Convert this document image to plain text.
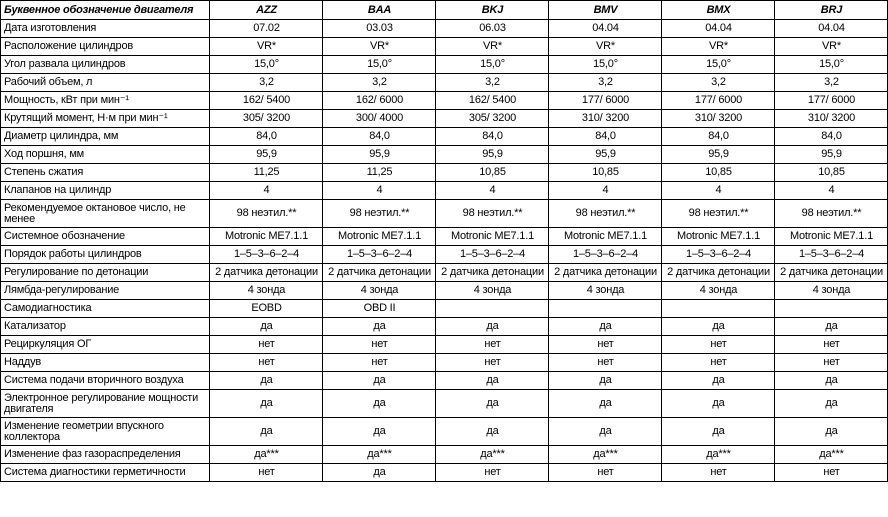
Буквенное обозначение двигателя	AZZ	BAA	BKJ	BMV	BMX	BRJ
Дата изготовления	07.02	03.03	06.03	04.04	04.04	04.04
Расположение цилиндров	VR*	VR*	VR*	VR*	VR*	VR*
Угол развала цилиндров	15,0°	15,0°	15,0°	15,0°	15,0°	15,0°
Рабочий объем, л	3,2	3,2	3,2	3,2	3,2	3,2
Мощность, кВт при мин⁻¹	162/ 5400	162/ 6000	162/ 5400	177/ 6000	177/ 6000	177/ 6000
Крутящий момент, Н·м при мин⁻¹	305/ 3200	300/ 4000	305/ 3200	310/ 3200	310/ 3200	310/ 3200
Диаметр цилиндра, мм	84,0	84,0	84,0	84,0	84,0	84,0
Ход поршня, мм	95,9	95,9	95,9	95,9	95,9	95,9
Степень сжатия	11,25	11,25	10,85	10,85	10,85	10,85
Клапанов на цилиндр	4	4	4	4	4	4
Рекомендуемое октановое число, не менее	98 неэтил.**	98 неэтил.**	98 неэтил.**	98 неэтил.**	98 неэтил.**	98 неэтил.**
Системное обозначение	Motronic ME7.1.1	Motronic ME7.1.1	Motronic ME7.1.1	Motronic ME7.1.1	Motronic ME7.1.1	Motronic ME7.1.1
Порядок работы цилиндров	1–5–3–6–2–4	1–5–3–6–2–4	1–5–3–6–2–4	1–5–3–6–2–4	1–5–3–6–2–4	1–5–3–6–2–4
Регулирование по детонации	2 датчика детонации	2 датчика детонации	2 датчика детонации	2 датчика детонации	2 датчика детонации	2 датчика детонации
Лямбда-регулирование	4 зонда	4 зонда	4 зонда	4 зонда	4 зонда	4 зонда
Самодиагностика	EOBD	OBD II				
Катализатор	да	да	да	да	да	да
Рециркуляция ОГ	нет	нет	нет	нет	нет	нет
Наддув	нет	нет	нет	нет	нет	нет
Система подачи вторичного воздуха	да	да	да	да	да	да
Электронное регулирование мощности двигателя	да	да	да	да	да	да
Изменение геометрии впускного коллектора	да	да	да	да	да	да
Изменение фаз газораспределения	да***	да***	да***	да***	да***	да***
Система диагностики герметичности	нет	да	нет	нет	нет	нет
